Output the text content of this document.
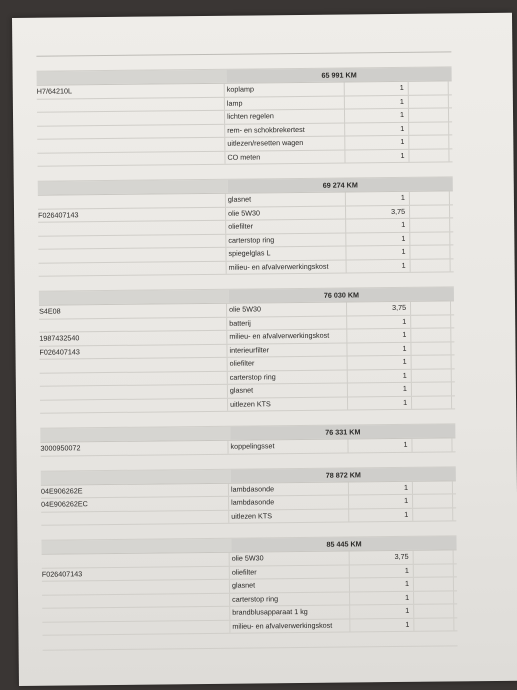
65 991 KM
H7/64210L	koplamp	1
lamp	1
lichten regelen	1
rem- en schokbrekertest	1
uitlezen/resetten wagen	1
CO meten	1
69 274 KM
glasnet	1
F026407143	olie 5W30	3,75
oliefilter	1
carterstop ring	1
spiegelglas L	1
milieu- en afvalverwerkingskost	1
76 030 KM
S4E08	olie 5W30	3,75
batterij	1
1987432540	milieu- en afvalverwerkingskost	1
F026407143	interieurfilter	1
oliefilter	1
carterstop ring	1
glasnet	1
uitlezen KTS	1
76 331 KM
3000950072	koppelingsset	1
78 872 KM
04E906262E	lambdasonde	1
04E906262EC	lambdasonde	1
uitlezen KTS	1
85 445 KM
olie 5W30	3,75
F026407143	oliefilter	1
glasnet	1
carterstop ring	1
brandblusapparaat 1 kg	1
milieu- en afvalverwerkingskost	1
